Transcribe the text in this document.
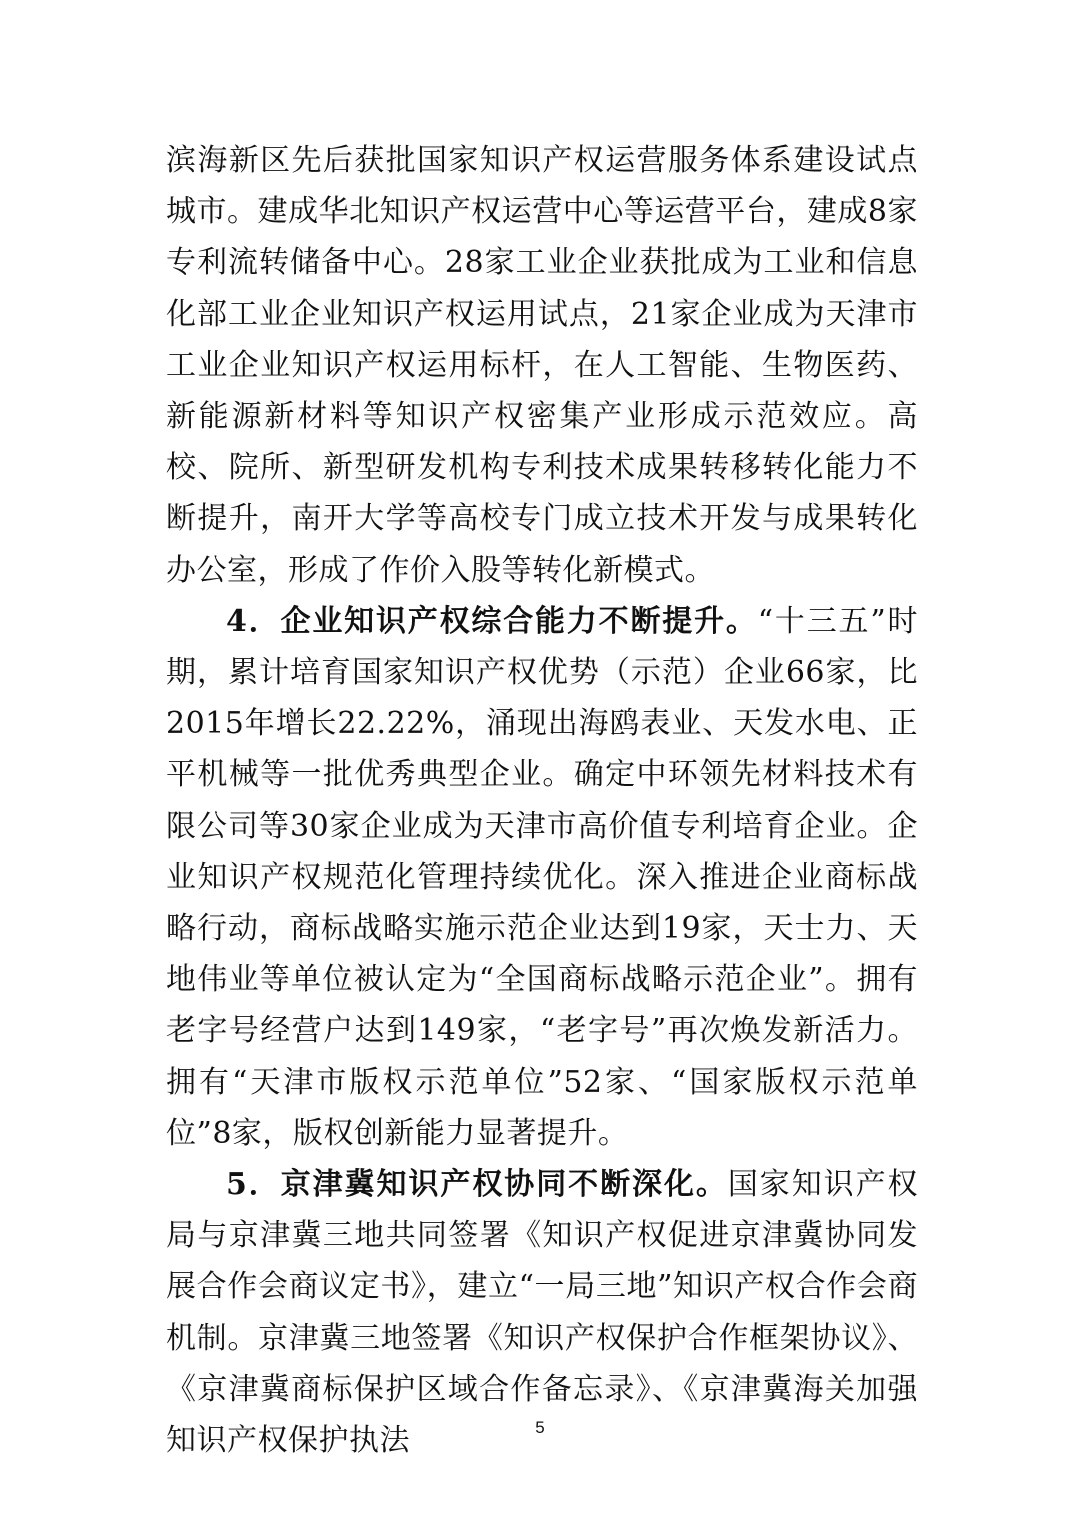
滨海新区先后获批国家知识产权运营服务体系建设试点城市。建成华北知识产权运营中心等运营平台，建成8家专利流转储备中心。28家工业企业获批成为工业和信息化部工业企业知识产权运用试点，21家企业成为天津市工业企业知识产权运用标杆，在人工智能、生物医药、新能源新材料等知识产权密集产业形成示范效应。高校、院所、新型研发机构专利技术成果转移转化能力不断提升，南开大学等高校专门成立技术开发与成果转化办公室，形成了作价入股等转化新模式。

4．企业知识产权综合能力不断提升。“十三五”时期，累计培育国家知识产权优势（示范）企业66家，比2015年增长22.22%，涌现出海鸥表业、天发水电、正平机械等一批优秀典型企业。确定中环领先材料技术有限公司等30家企业成为天津市高价值专利培育企业。企业知识产权规范化管理持续优化。深入推进企业商标战略行动，商标战略实施示范企业达到19家，天士力、天地伟业等单位被认定为“全国商标战略示范企业”。拥有老字号经营户达到149家，“老字号”再次焕发新活力。拥有“天津市版权示范单位”52家、“国家版权示范单位”8家，版权创新能力显著提升。

5．京津冀知识产权协同不断深化。国家知识产权局与京津冀三地共同签署《知识产权促进京津冀协同发展合作会商议定书》，建立“一局三地”知识产权合作会商机制。京津冀三地签署《知识产权保护合作框架协议》、《京津冀商标保护区域合作备忘录》、《京津冀海关加强知识产权保护执法	5
